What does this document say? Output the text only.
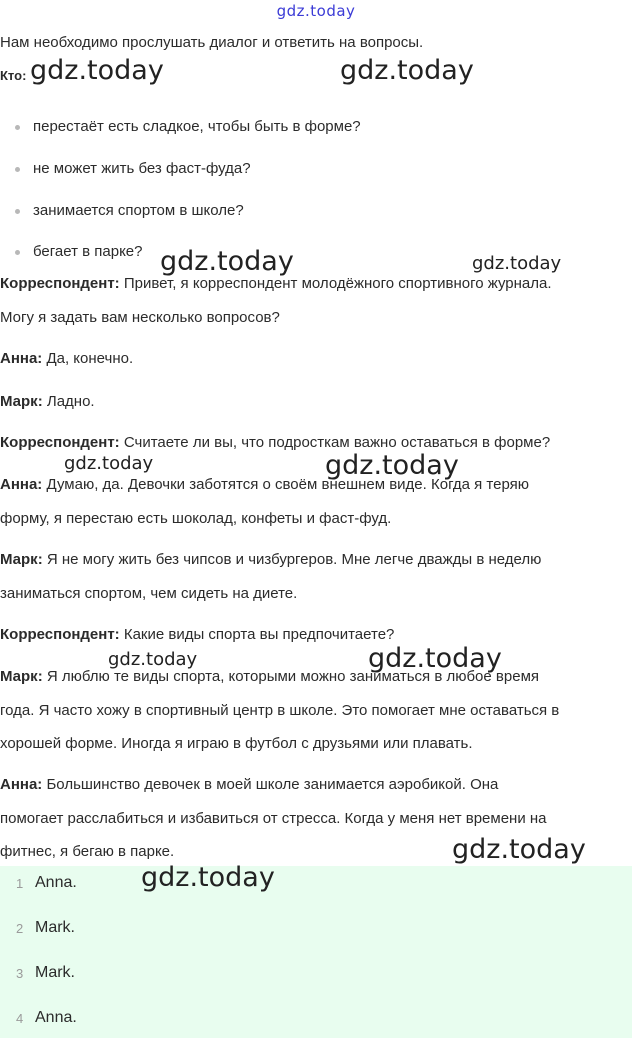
gdz.today
Нам необходимо прослушать диалог и ответить на вопросы.
Кто:
перестаёт есть сладкое, чтобы быть в форме?
не может жить без фаст-фуда?
занимается спортом в школе?
бегает в парке?
Корреспондент: Привет, я корреспондент молодёжного спортивного журнала.
Могу я задать вам несколько вопросов?
Анна: Да, конечно.
Марк: Ладно.
Корреспондент: Считаете ли вы, что подросткам важно оставаться в форме?
Анна: Думаю, да. Девочки заботятся о своём внешнем виде. Когда я теряю
форму, я перестаю есть шоколад, конфеты и фаст-фуд.
Марк: Я не могу жить без чипсов и чизбургеров. Мне легче дважды в неделю
заниматься спортом, чем сидеть на диете.
Корреспондент: Какие виды спорта вы предпочитаете?
Марк: Я люблю те виды спорта, которыми можно заниматься в любое время
года. Я часто хожу в спортивный центр в школе. Это помогает мне оставаться в
хорошей форме. Иногда я играю в футбол с друзьями или плавать.
Анна: Большинство девочек в моей школе занимается аэробикой. Она
помогает расслабиться и избавиться от стресса. Когда у меня нет времени на
фитнес, я бегаю в парке.
1 Anna.
2 Mark.
3 Mark.
4 Anna.
gdz.today	gdz.today
gdz.today	gdz.today
gdz.today	gdz.today
gdz.today	gdz.today
gdz.today
gdz.today
